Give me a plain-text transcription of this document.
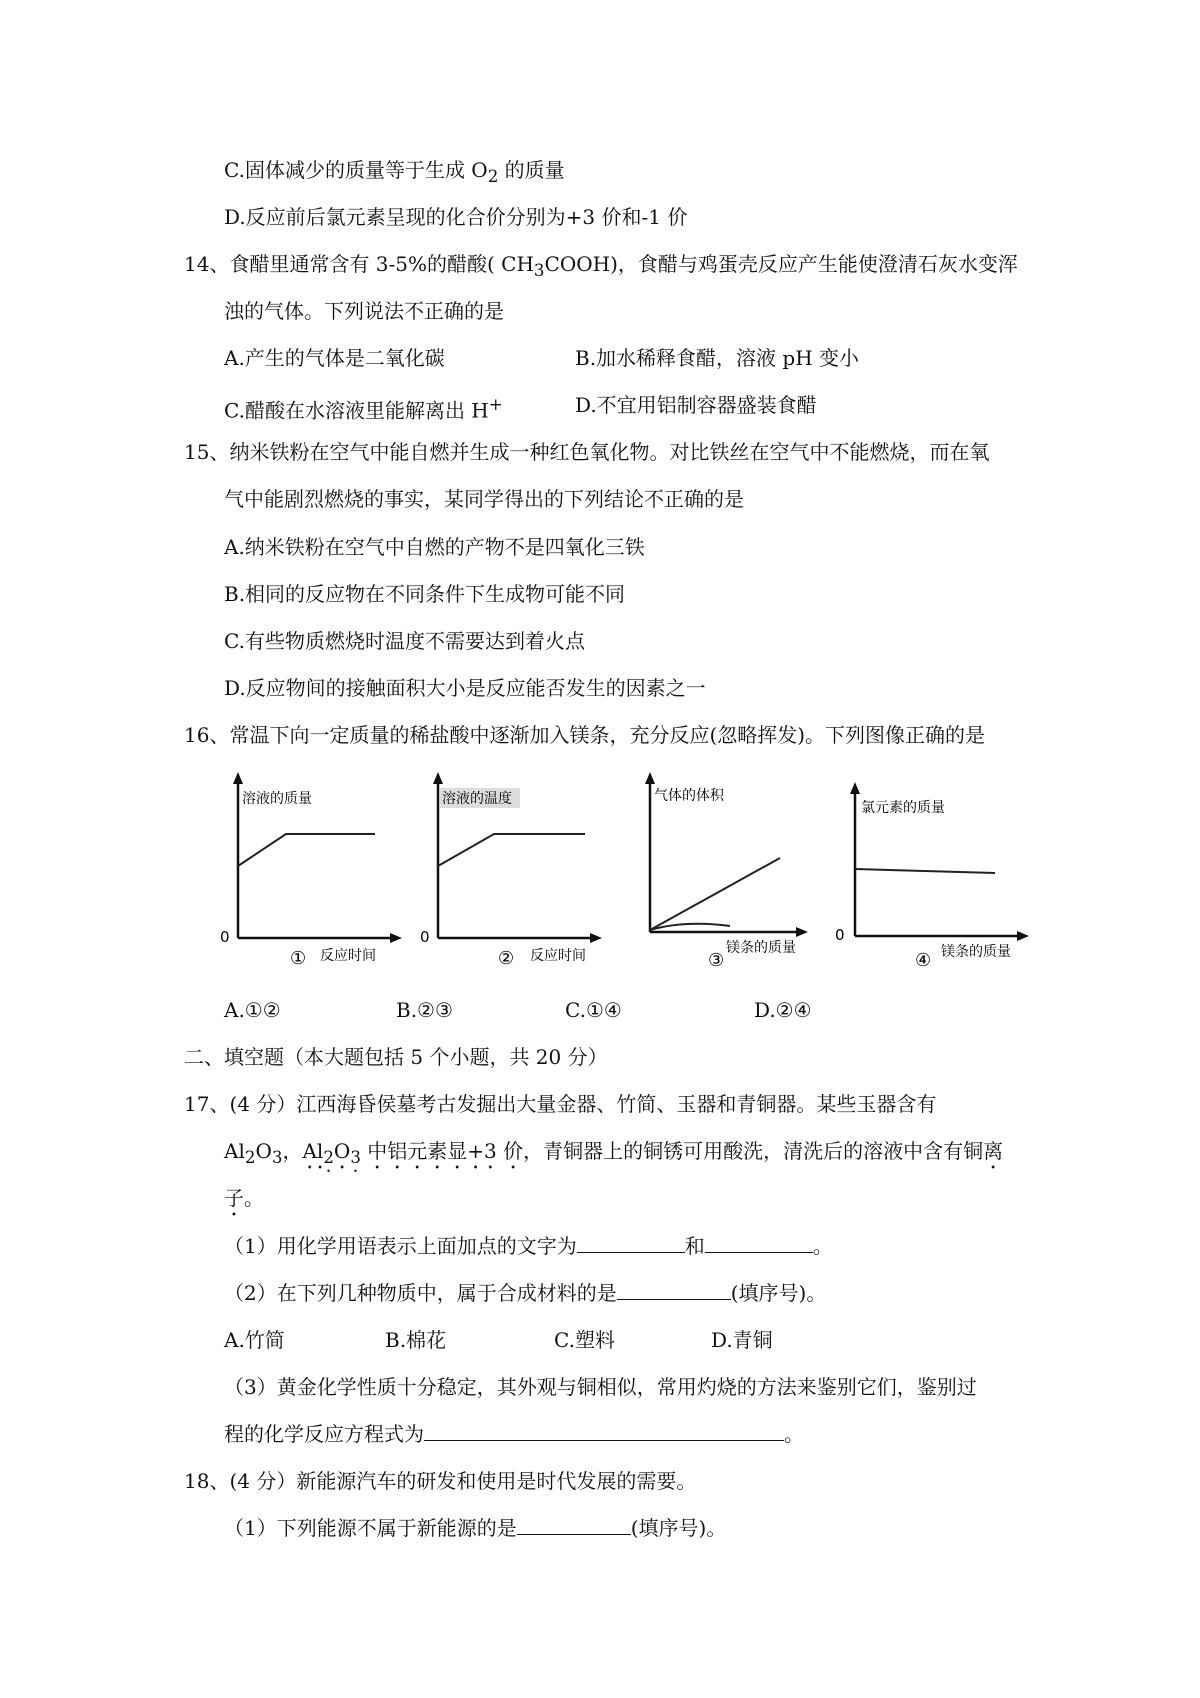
C.固体减少的质量等于生成 $O_2$ 的质量
D.反应前后氯元素呈现的化合价分别为+3 价和-1 价
14、食醋里通常含有 3-5%的醋酸( $CH_3COOH$)，食醋与鸡蛋壳反应产生能使澄清石灰水变浑
浊的气体。下列说法不正确的是
A.产生的气体是二氧化碳	B.加水稀释食醋，溶液 pH 变小
C.醋酸在水溶液里能解离出 H+	D.不宜用铝制容器盛装食醋
15、纳米铁粉在空气中能自燃并生成一种红色氧化物。对比铁丝在空气中不能燃烧，而在氧
气中能剧烈燃烧的事实，某同学得出的下列结论不正确的是
A.纳米铁粉在空气中自燃的产物不是四氧化三铁
B.相同的反应物在不同条件下生成物可能不同
C.有些物质燃烧时温度不需要达到着火点
D.反应物间的接触面积大小是反应能否发生的因素之一
16、常温下向一定质量的稀盐酸中逐渐加入镁条，充分反应(忽略挥发)。下列图像正确的是
溶液的质量
0
反应时间
①
溶液的温度
0
反应时间
②
气体的体积
镁条的质量
③
氯元素的质量
0
镁条的质量
④
A.①②	B.②③	C.①④	D.②④
二、填空题（本大题包括 5 个小题，共 20 分）
17、(4 分）江西海昏侯墓考古发掘出大量金器、竹简、玉器和青铜器。某些玉器含有
$Al_2O_3$，$Al_2O_3$ 中铝元素显+3 价，青铜器上的铜锈可用酸洗，清洗后的溶液中含有铜离
子。
（1）用化学用语表示上面加点的文字为	和	。
（2）在下列几种物质中，属于合成材料的是	(填序号)。
A.竹简	B.棉花	C.塑料	D.青铜
（3）黄金化学性质十分稳定，其外观与铜相似，常用灼烧的方法来鉴别它们，鉴别过
程的化学反应方程式为	。
18、(4 分）新能源汽车的研发和使用是时代发展的需要。
（1）下列能源不属于新能源的是	(填序号)。
